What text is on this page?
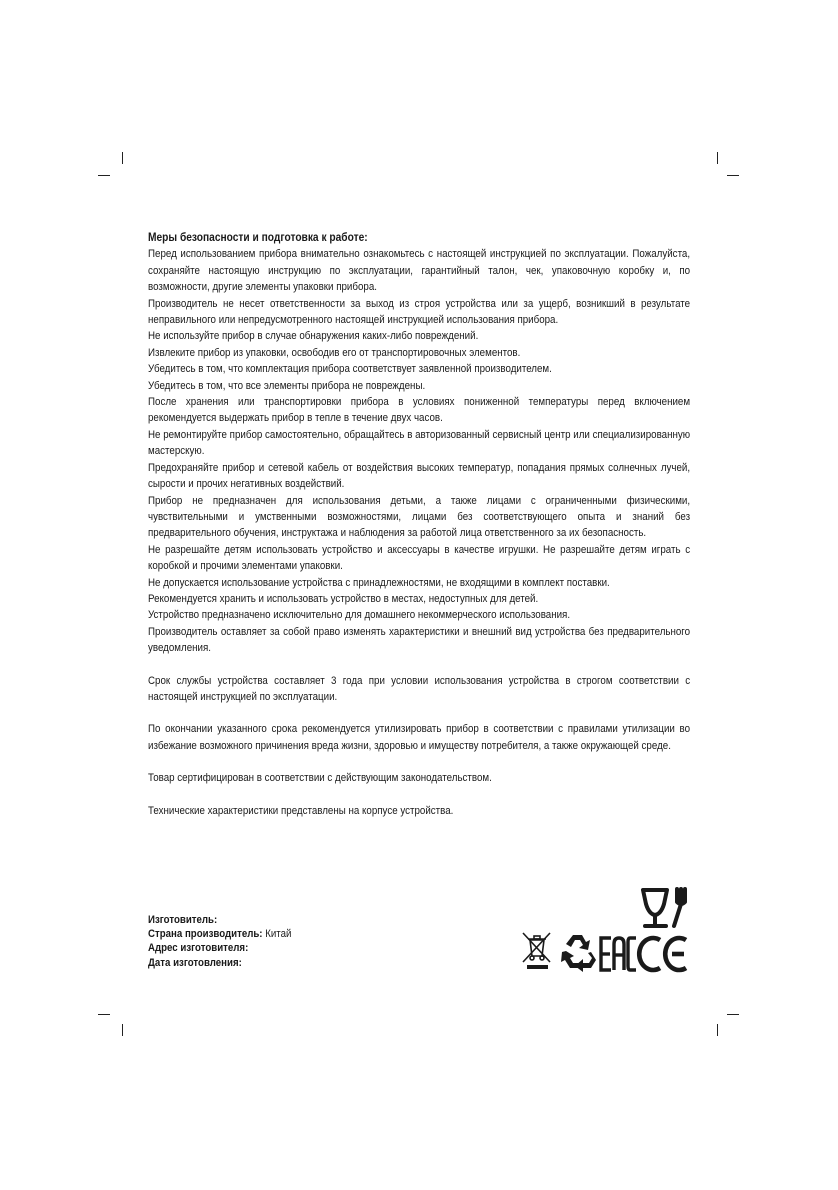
Меры безопасности и подготовка к работе:

Перед использованием прибора внимательно ознакомьтесь с настоящей инструкцией по эксплуатации. Пожалуйста, сохраняйте настоящую инструкцию по эксплуатации, гарантийный талон, чек, упаковочную коробку и, по возможности, другие элементы упаковки прибора.

Производитель не несет ответственности за выход из строя устройства или за ущерб, возникший в результате неправильного или непредусмотренного настоящей инструкцией использования прибора.

Не используйте прибор в случае обнаружения каких-либо повреждений.

Извлеките прибор из упаковки, освободив его от транспортировочных элементов.

Убедитесь в том, что комплектация прибора соответствует заявленной производителем.

Убедитесь в том, что все элементы прибора не повреждены.

После хранения или транспортировки прибора в условиях пониженной температуры перед включением рекомендуется выдержать прибор в тепле в течение двух часов.

Не ремонтируйте прибор самостоятельно, обращайтесь в авторизованный сервисный центр или специализированную мастерскую.

Предохраняйте прибор и сетевой кабель от воздействия высоких температур, попадания прямых солнечных лучей, сырости и прочих негативных воздействий.

Прибор не предназначен для использования детьми, а также лицами с ограниченными физическими, чувствительными и умственными возможностями, лицами без соответствующего опыта и знаний без предварительного обучения, инструктажа и наблюдения за работой лица ответственного за их безопасность.

Не разрешайте детям использовать устройство и аксессуары в качестве игрушки. Не разрешайте детям играть с коробкой и прочими элементами упаковки.

Не допускается использование устройства с принадлежностями, не входящими в комплект поставки.

Рекомендуется хранить и использовать устройство в местах, недоступных для детей.

Устройство предназначено исключительно для домашнего некоммерческого использования.

Производитель оставляет за собой право изменять характеристики и внешний вид устройства без предварительного уведомления.

Срок службы устройства составляет 3 года при условии использования устройства в строгом соответствии с настоящей инструкцией по эксплуатации.

По окончании указанного срока рекомендуется утилизировать прибор в соответствии с правилами утилизации во избежание возможного причинения вреда жизни, здоровью и имуществу потребителя, а также окружающей среде.

Товар сертифицирован в соответствии с действующим законодательством.

Технические характеристики представлены на корпусе устройства.

Изготовитель:
Страна производитель: Китай
Адрес изготовителя:
Дата изготовления:
